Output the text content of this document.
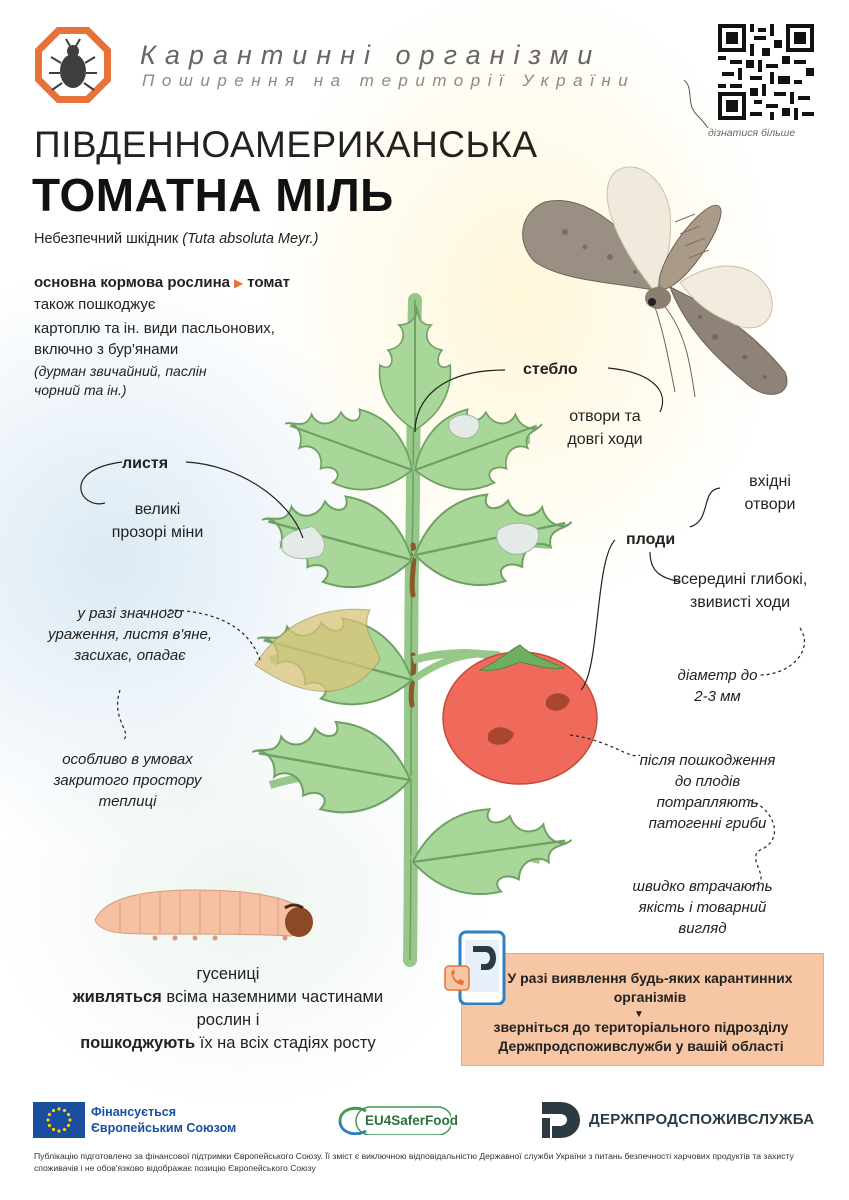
Карантинні організми
Поширення на території України
дізнатися більше
ПІВДЕННОАМЕРИКАНСЬКА
ТОМАТНА МІЛЬ
Небезпечний шкідник (Tuta absoluta Meyr.)
основна кормова рослина ▶ томат
також пошкоджує
картоплю та ін. види пасльонових, включно з бур'янами
(дурман звичайний, паслін чорний та ін.)
стебло
отвори та довгі ходи
листя
великі прозорі міни
у разі значного ураження, листя в'яне, засихає, опадає
особливо в умовах закритого простору теплиці
плоди
вхідні отвори
всередині глибокі, звивисті ходи
діаметр до 2-3 мм
після пошкодження до плодів потрапляють патогенні гриби
швидко втрачають якість і товарний вигляд
гусениці
живляться всіма наземними частинами рослин і
пошкоджують їх на всіх стадіях росту
У разі виявлення будь-яких карантинних організмів
▼
зверніться до територіального підрозділу Держпродспоживслужби у вашій області
Фінансується
Європейським Союзом	EU4SaferFood	ДЕРЖПРОДСПОЖИВСЛУЖБА
Публікацію підготовлено за фінансової підтримки Європейського Союзу. Її зміст є виключною відповідальністю Державної служби України з питань безпечності харчових продуктів та захисту споживачів і не обов'язково відображає позицію Європейського Союзу
